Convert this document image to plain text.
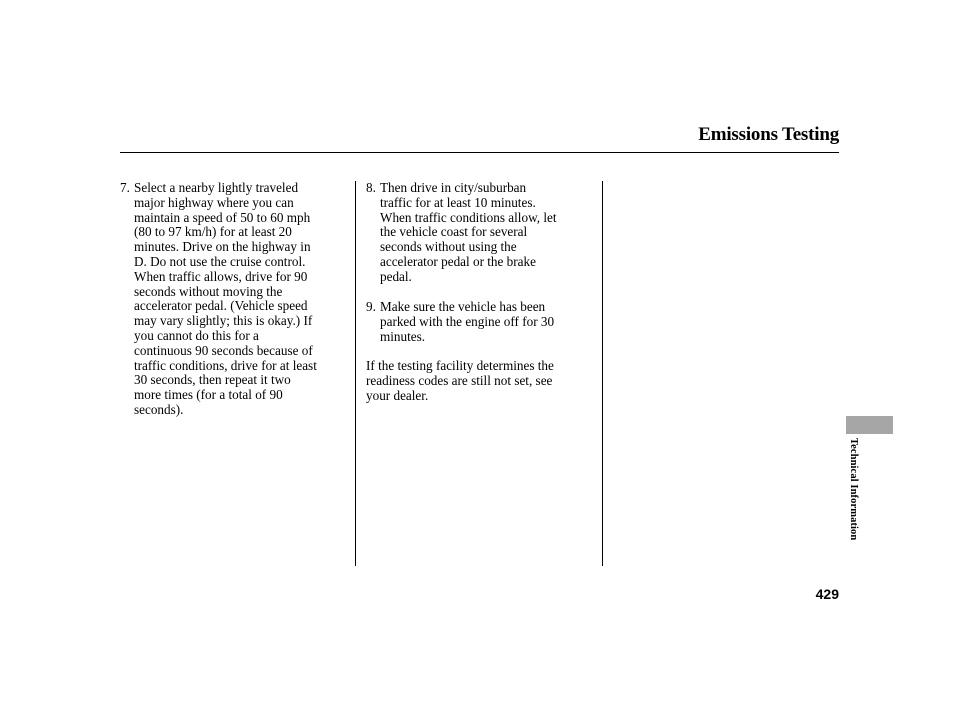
Emissions Testing
7. Select a nearby lightly traveled
major highway where you can
maintain a speed of 50 to 60 mph
(80 to 97 km/h) for at least 20
minutes. Drive on the highway in
D. Do not use the cruise control.
When traffic allows, drive for 90
seconds without moving the
accelerator pedal. (Vehicle speed
may vary slightly; this is okay.) If
you cannot do this for a
continuous 90 seconds because of
traffic conditions, drive for at least
30 seconds, then repeat it two
more times (for a total of 90
seconds).
8. Then drive in city/suburban
traffic for at least 10 minutes.
When traffic conditions allow, let
the vehicle coast for several
seconds without using the
accelerator pedal or the brake
pedal.
9. Make sure the vehicle has been
parked with the engine off for 30
minutes.
If the testing facility determines the
readiness codes are still not set, see
your dealer.
Technical Information
429
